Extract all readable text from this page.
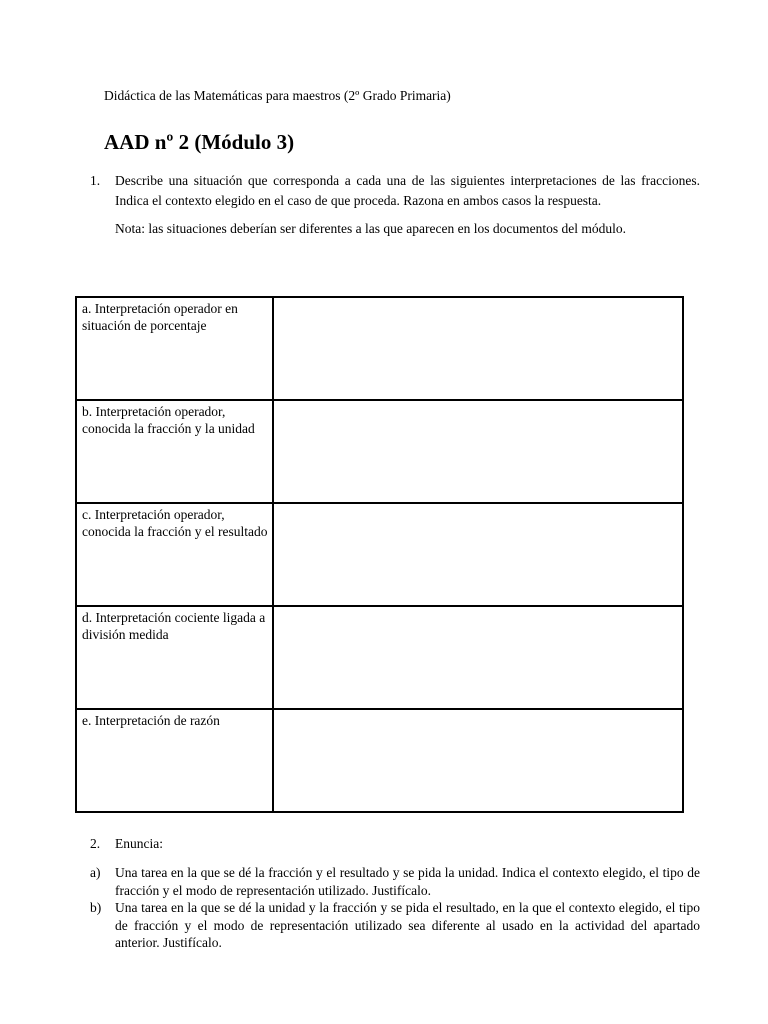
Didáctica de las Matemáticas para maestros (2º Grado Primaria)
AAD nº 2 (Módulo 3)
1.	Describe una situación que corresponda a cada una de las siguientes interpretaciones de las fracciones. Indica el contexto elegido en el caso de que proceda. Razona en ambos casos la respuesta.
Nota: las situaciones deberían ser diferentes a las que aparecen en los documentos del módulo.
a. Interpretación operador en situación de porcentaje	
b. Interpretación operador, conocida la fracción y la unidad	
c. Interpretación operador, conocida la fracción y el resultado	
d. Interpretación cociente ligada a división medida	
e. Interpretación de razón	
2.	Enuncia:
a) Una tarea en la que se dé la fracción y el resultado y se pida la unidad. Indica el contexto elegido, el tipo de fracción y el modo de representación utilizado. Justifícalo.
b) Una tarea en la que se dé la unidad y la fracción y se pida el resultado, en la que el contexto elegido, el tipo de fracción y el modo de representación utilizado sea diferente al usado en la actividad del apartado anterior. Justifícalo.
